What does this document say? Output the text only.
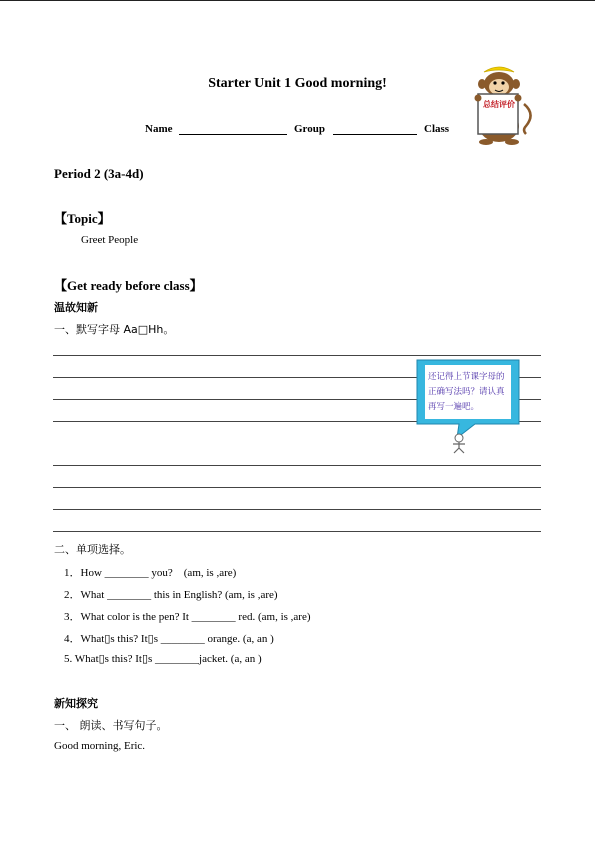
Starter Unit 1 Good morning!
总结评价
Name	Group	Class
Period 2 (3a-4d)
【Topic】
Greet People
【Get ready before class】
温故知新
一、默写字母 Aa□Hh。
还记得上节课字母的正确写法吗？请认真再写一遍吧。
二、单项选择。
1．How ________ you?    (am, is ,are)
2．What ________ this in English? (am, is ,are)
3．What color is the pen? It ________ red. (am, is ,are)
4．What▯s this? It▯s ________ orange. (a, an )
5. What▯s this? It▯s ________jacket. (a, an )
新知探究
一、 朗读、书写句子。
Good morning, Eric.
